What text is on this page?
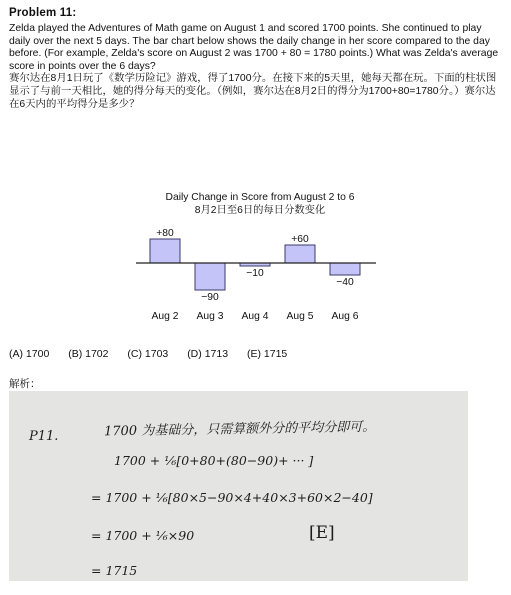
Problem 11:

Zelda played the Adventures of Math game on August 1 and scored 1700 points. She continued to play daily over the next 5 days. The bar chart below shows the daily change in her score compared to the day before. (For example, Zelda's score on August 2 was 1700 + 80 = 1780 points.) What was Zelda's average score in points over the 6 days?

赛尔达在8月1日玩了《数学历险记》游戏，得了1700分。在接下来的5天里，她每天都在玩。下面的柱状图显示了与前一天相比，她的得分每天的变化。（例如，赛尔达在8月2日的得分为1700+80=1780分。）赛尔达在6天内的平均得分是多少？

Daily Change in Score from August 2 to 6
8月2日至6日的每日分数变化
+80
Aug 2
−90
Aug 3
−10
Aug 4
+60
Aug 5
−40
Aug 6
(A) 1700 (B) 1702 (C) 1703 (D) 1713 (E) 1715
解析：
P11.	1700 为基础分，只需算额外分的平均分即可。
1700 + ⅙[0+80+(80−90)+ ··· ]
= 1700 + ⅙[80×5−90×4+40×3+60×2−40]
= 1700 + ⅙×90
= 1715
[E]
